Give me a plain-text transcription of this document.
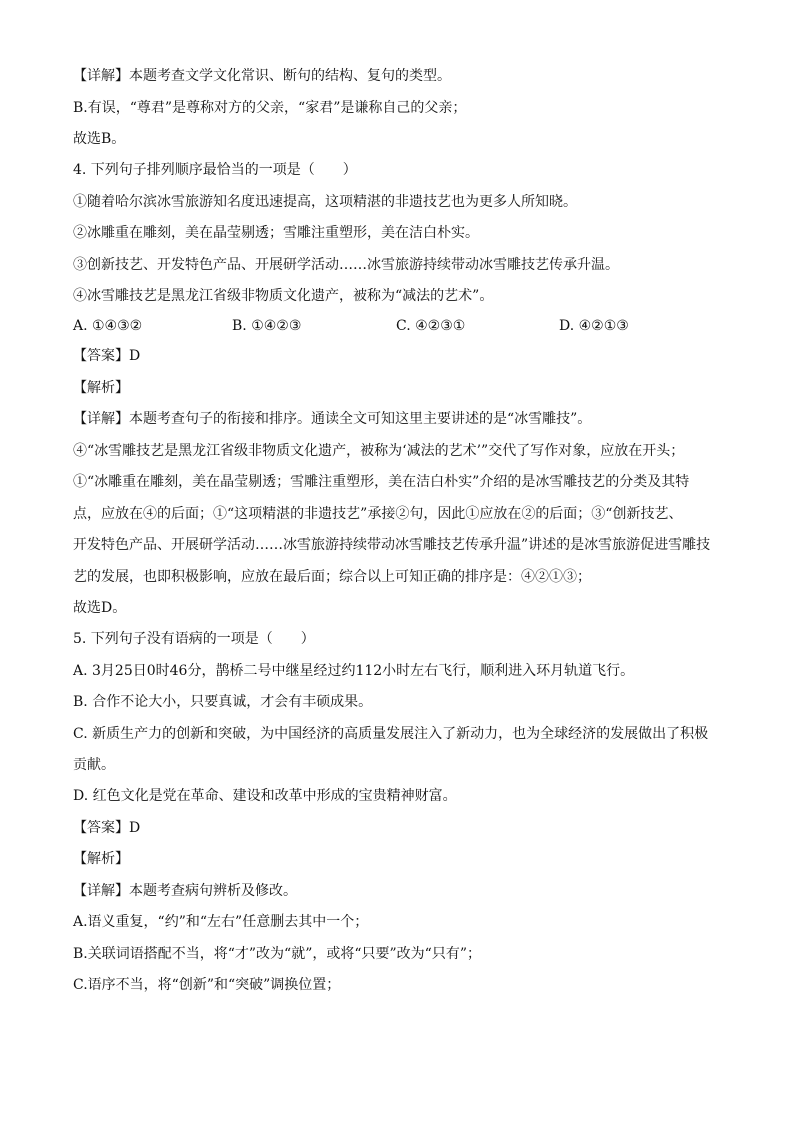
【详解】本题考查文学文化常识、断句的结构、复句的类型。
B.有误，“尊君”是尊称对方的父亲，“家君”是谦称自己的父亲；
故选B。
4. 下列句子排列顺序最恰当的一项是（　　）
①随着哈尔滨冰雪旅游知名度迅速提高，这项精湛的非遗技艺也为更多人所知晓。
②冰雕重在雕刻，美在晶莹剔透；雪雕注重塑形，美在洁白朴实。
③创新技艺、开发特色产品、开展研学活动……冰雪旅游持续带动冰雪雕技艺传承升温。
④冰雪雕技艺是黑龙江省级非物质文化遗产，被称为“减法的艺术”。
A. ①④③②	B. ①④②③	C. ④②③①	D. ④②①③
【答案】D
【解析】
【详解】本题考查句子的衔接和排序。通读全文可知这里主要讲述的是“冰雪雕技”。
④“冰雪雕技艺是黑龙江省级非物质文化遗产，被称为‘减法的艺术’”交代了写作对象，应放在开头；
①“冰雕重在雕刻，美在晶莹剔透；雪雕注重塑形，美在洁白朴实”介绍的是冰雪雕技艺的分类及其特
点，应放在④的后面；①“这项精湛的非遗技艺”承接②句，因此①应放在②的后面；③“创新技艺、
开发特色产品、开展研学活动……冰雪旅游持续带动冰雪雕技艺传承升温”讲述的是冰雪旅游促进雪雕技
艺的发展，也即积极影响，应放在最后面；综合以上可知正确的排序是：④②①③；
故选D。
5. 下列句子没有语病的一项是（　　）
A. 3月25日0时46分，鹊桥二号中继星经过约112小时左右飞行，顺利进入环月轨道飞行。
B. 合作不论大小，只要真诚，才会有丰硕成果。
C. 新质生产力的创新和突破，为中国经济的高质量发展注入了新动力，也为全球经济的发展做出了积极
贡献。
D. 红色文化是党在革命、建设和改革中形成的宝贵精神财富。
【答案】D
【解析】
【详解】本题考查病句辨析及修改。
A.语义重复，“约”和“左右”任意删去其中一个；
B.关联词语搭配不当，将“才”改为“就”，或将“只要”改为“只有”；
C.语序不当，将“创新”和“突破”调换位置；
